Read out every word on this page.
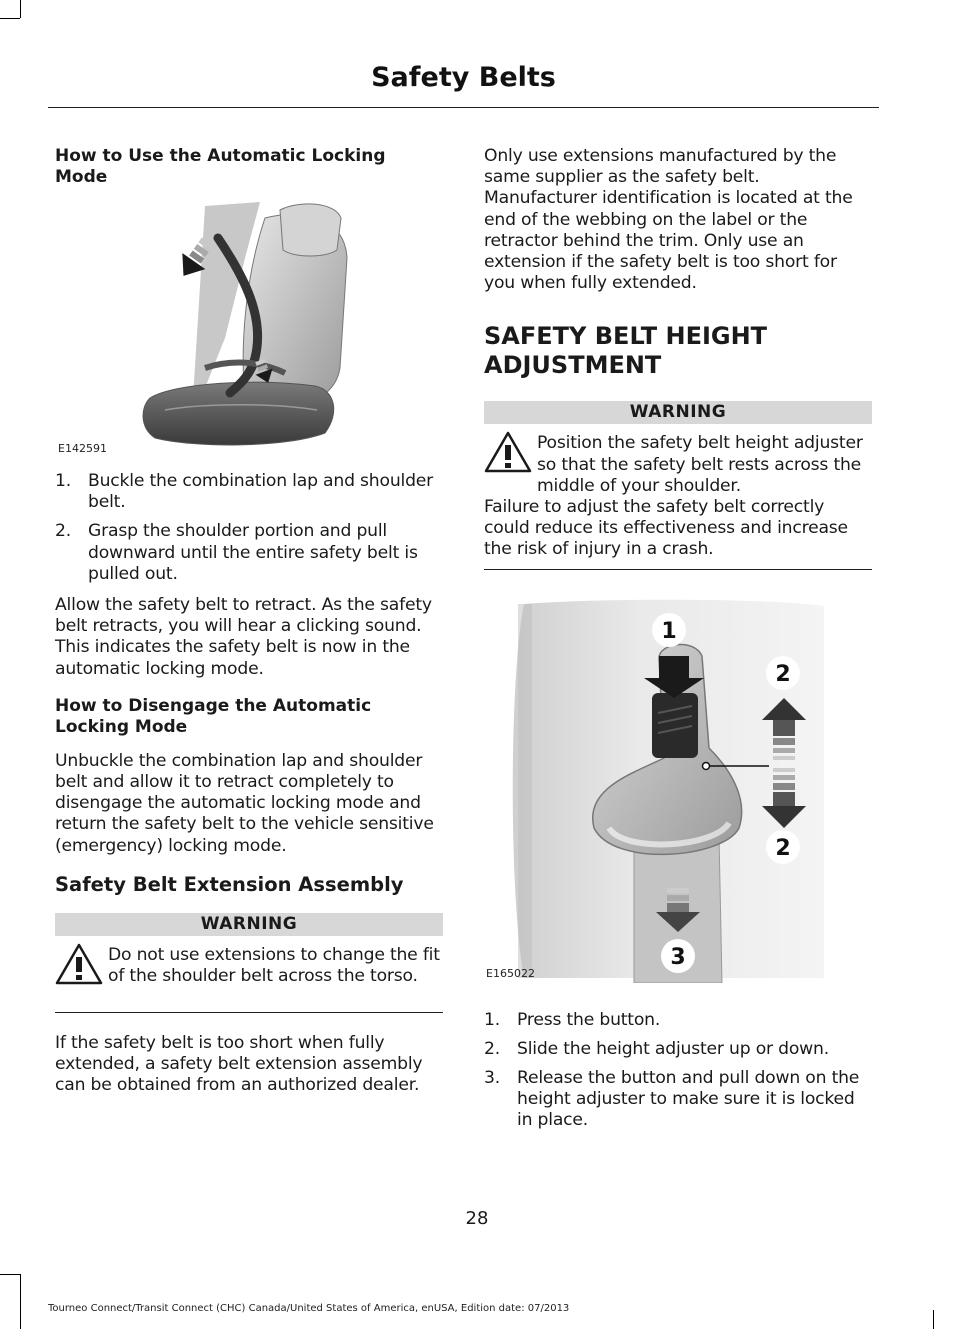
Safety Belts
How to Use the Automatic Locking Mode
E142591
1. Buckle the combination lap and shoulder belt.
2. Grasp the shoulder portion and pull downward until the entire safety belt is pulled out.

Allow the safety belt to retract. As the safety belt retracts, you will hear a clicking sound. This indicates the safety belt is now in the automatic locking mode.

How to Disengage the Automatic Locking Mode

Unbuckle the combination lap and shoulder belt and allow it to retract completely to disengage the automatic locking mode and return the safety belt to the vehicle sensitive (emergency) locking mode.

Safety Belt Extension Assembly
WARNING
Do not use extensions to change the fit of the shoulder belt across the torso.

If the safety belt is too short when fully extended, a safety belt extension assembly can be obtained from an authorized dealer.

Only use extensions manufactured by the same supplier as the safety belt. Manufacturer identification is located at the end of the webbing on the label or the retractor behind the trim. Only use an extension if the safety belt is too short for you when fully extended.

SAFETY BELT HEIGHT ADJUSTMENT
WARNING
Position the safety belt height adjuster so that the safety belt rests across the middle of your shoulder.
Failure to adjust the safety belt correctly could reduce its effectiveness and increase the risk of injury in a crash.
1
2
2
3
E165022
1. Press the button.
2. Slide the height adjuster up or down.
3. Release the button and pull down on the height adjuster to make sure it is locked in place.
28
Tourneo Connect/Transit Connect (CHC) Canada/United States of America, enUSA, Edition date: 07/2013
